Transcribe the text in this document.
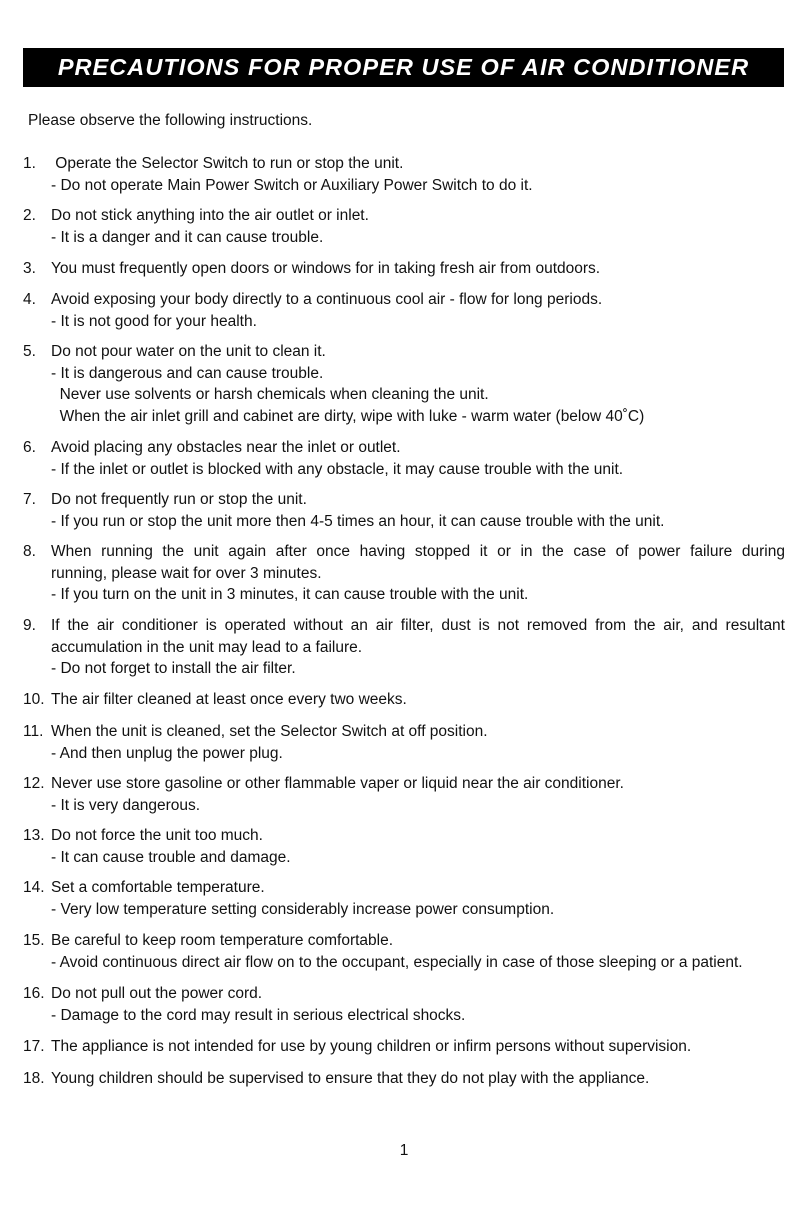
PRECAUTIONS FOR PROPER USE OF AIR CONDITIONER
Please observe the following instructions.
1. Operate the Selector Switch to run or stop the unit.
- Do not operate Main Power Switch or Auxiliary Power Switch to do it.
2. Do not stick anything into the air outlet or inlet.
- It is a danger and it can cause trouble.
3. You must frequently open doors or windows for in taking fresh air from outdoors.
4. Avoid exposing your body directly to a continuous cool air - flow for long periods.
- It is not good for your health.
5. Do not pour water on the unit to clean it.
- It is dangerous and can cause trouble.
Never use solvents or harsh chemicals when cleaning the unit.
When the air inlet grill and cabinet are dirty, wipe with luke - warm water (below 40˚C)
6. Avoid placing any obstacles near the inlet or outlet.
- If the inlet or outlet is blocked with any obstacle, it may cause trouble with the unit.
7. Do not frequently run or stop the unit.
- If you run or stop the unit more then 4-5 times an hour, it can cause trouble with the unit.
8. When running the unit again after once having stopped it or in the case of power failure during
running, please wait for over 3 minutes.
- If you turn on the unit in 3 minutes, it can cause trouble with the unit.
9. If the air conditioner is operated without an air filter, dust is not removed from the air, and resultant
accumulation in the unit may lead to a failure.
- Do not forget to install the air filter.
10. The air filter cleaned at least once every two weeks.
11. When the unit is cleaned, set the Selector Switch at off position.
- And then unplug the power plug.
12. Never use store gasoline or other flammable vaper or liquid near the air conditioner.
- It is very dangerous.
13. Do not force the unit too much.
- It can cause trouble and damage.
14. Set a comfortable temperature.
- Very low temperature setting considerably increase power consumption.
15. Be careful to keep room temperature comfortable.
- Avoid continuous direct air flow on to the occupant, especially in case of those sleeping or a patient.
16. Do not pull out the power cord.
- Damage to the cord may result in serious electrical shocks.
17. The appliance is not intended for use by young children or infirm persons without supervision.
18. Young children should be supervised to ensure that they do not play with the appliance.
1
